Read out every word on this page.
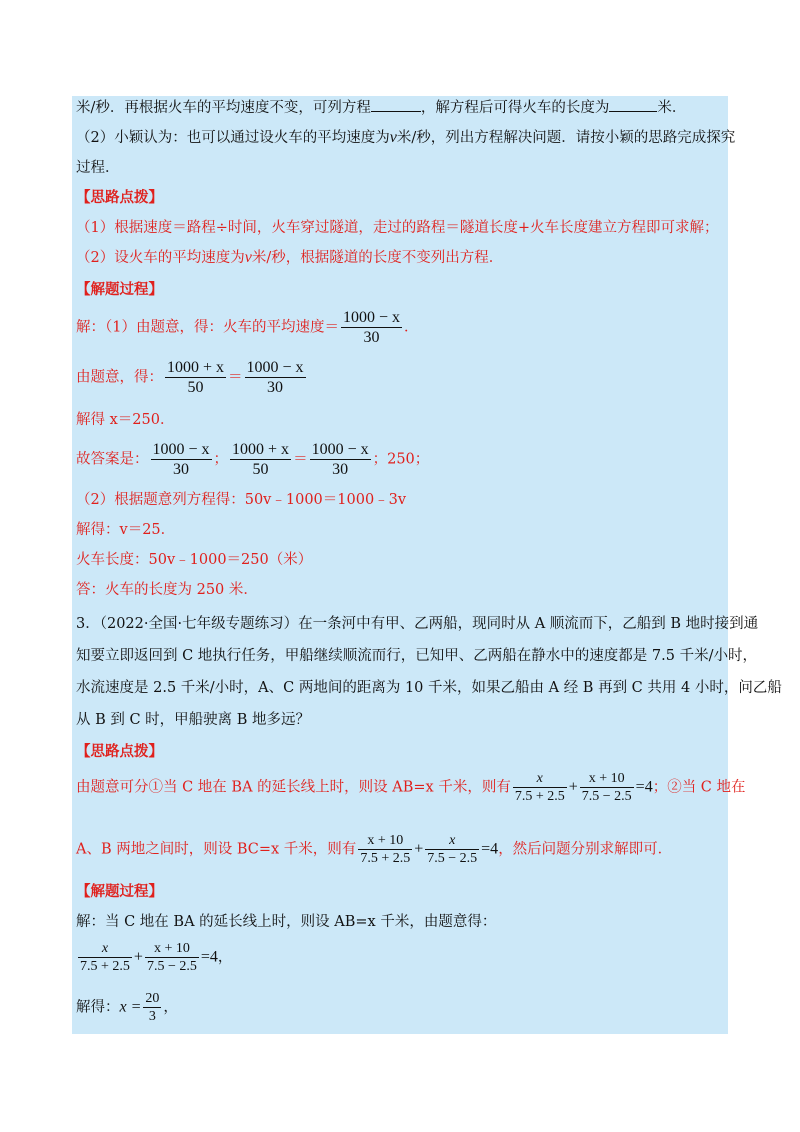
米/秒．再根据火车的平均速度不变，可列方程	，解方程后可得火车的长度为	米．
（2）小颖认为：也可以通过设火车的平均速度为v米/秒，列出方程解决问题．请按小颖的思路完成探究
过程．
【思路点拨】
（1）根据速度＝路程÷时间，火车穿过隧道，走过的路程＝隧道长度+火车长度建立方程即可求解；
（2）设火车的平均速度为v米/秒，根据隧道的长度不变列出方程．
【解题过程】
解：（1）由题意，得：火车的平均速度＝ $\frac{1000 - x}{30}$ ．
由题意，得： $\frac{1000 + x}{50} = \frac{1000 - x}{30}$
解得 x＝250．
故答案是： $\frac{1000 - x}{30}$ ； $\frac{1000 + x}{50} = \frac{1000 - x}{30}$ ；250；
（2）根据题意列方程得：50v﹣1000＝1000﹣3v
解得：v＝25．
火车长度：50v﹣1000＝250（米）
答：火车的长度为 250 米．
3．（2022·全国·七年级专题练习）在一条河中有甲、乙两船，现同时从 A 顺流而下，乙船到 B 地时接到通
知要立即返回到 C 地执行任务，甲船继续顺流而行，已知甲、乙两船在静水中的速度都是 7.5 千米/小时，
水流速度是 2.5 千米/小时，A、C 两地间的距离为 10 千米，如果乙船由 A 经 B 再到 C 共用 4 小时，问乙船
从 B 到 C 时，甲船驶离 B 地多远？
【思路点拨】
由题意可分①当 C 地在 BA 的延长线上时，则设 AB=x 千米，则有 $\frac{x}{7.5 + 2.5} + \frac{x + 10}{7.5 - 2.5} =4$；②当 C 地在
A、B 两地之间时，则设 BC=x 千米，则有 $\frac{x + 10}{7.5 + 2.5} + \frac{x}{7.5 - 2.5} =4$，然后问题分别求解即可．
【解题过程】
解：当 C 地在 BA 的延长线上时，则设 AB=x 千米，由题意得：
$\frac{x}{7.5 + 2.5} + \frac{x + 10}{7.5 - 2.5} =4$，
解得：$x = \frac{20}{3}$ ，
